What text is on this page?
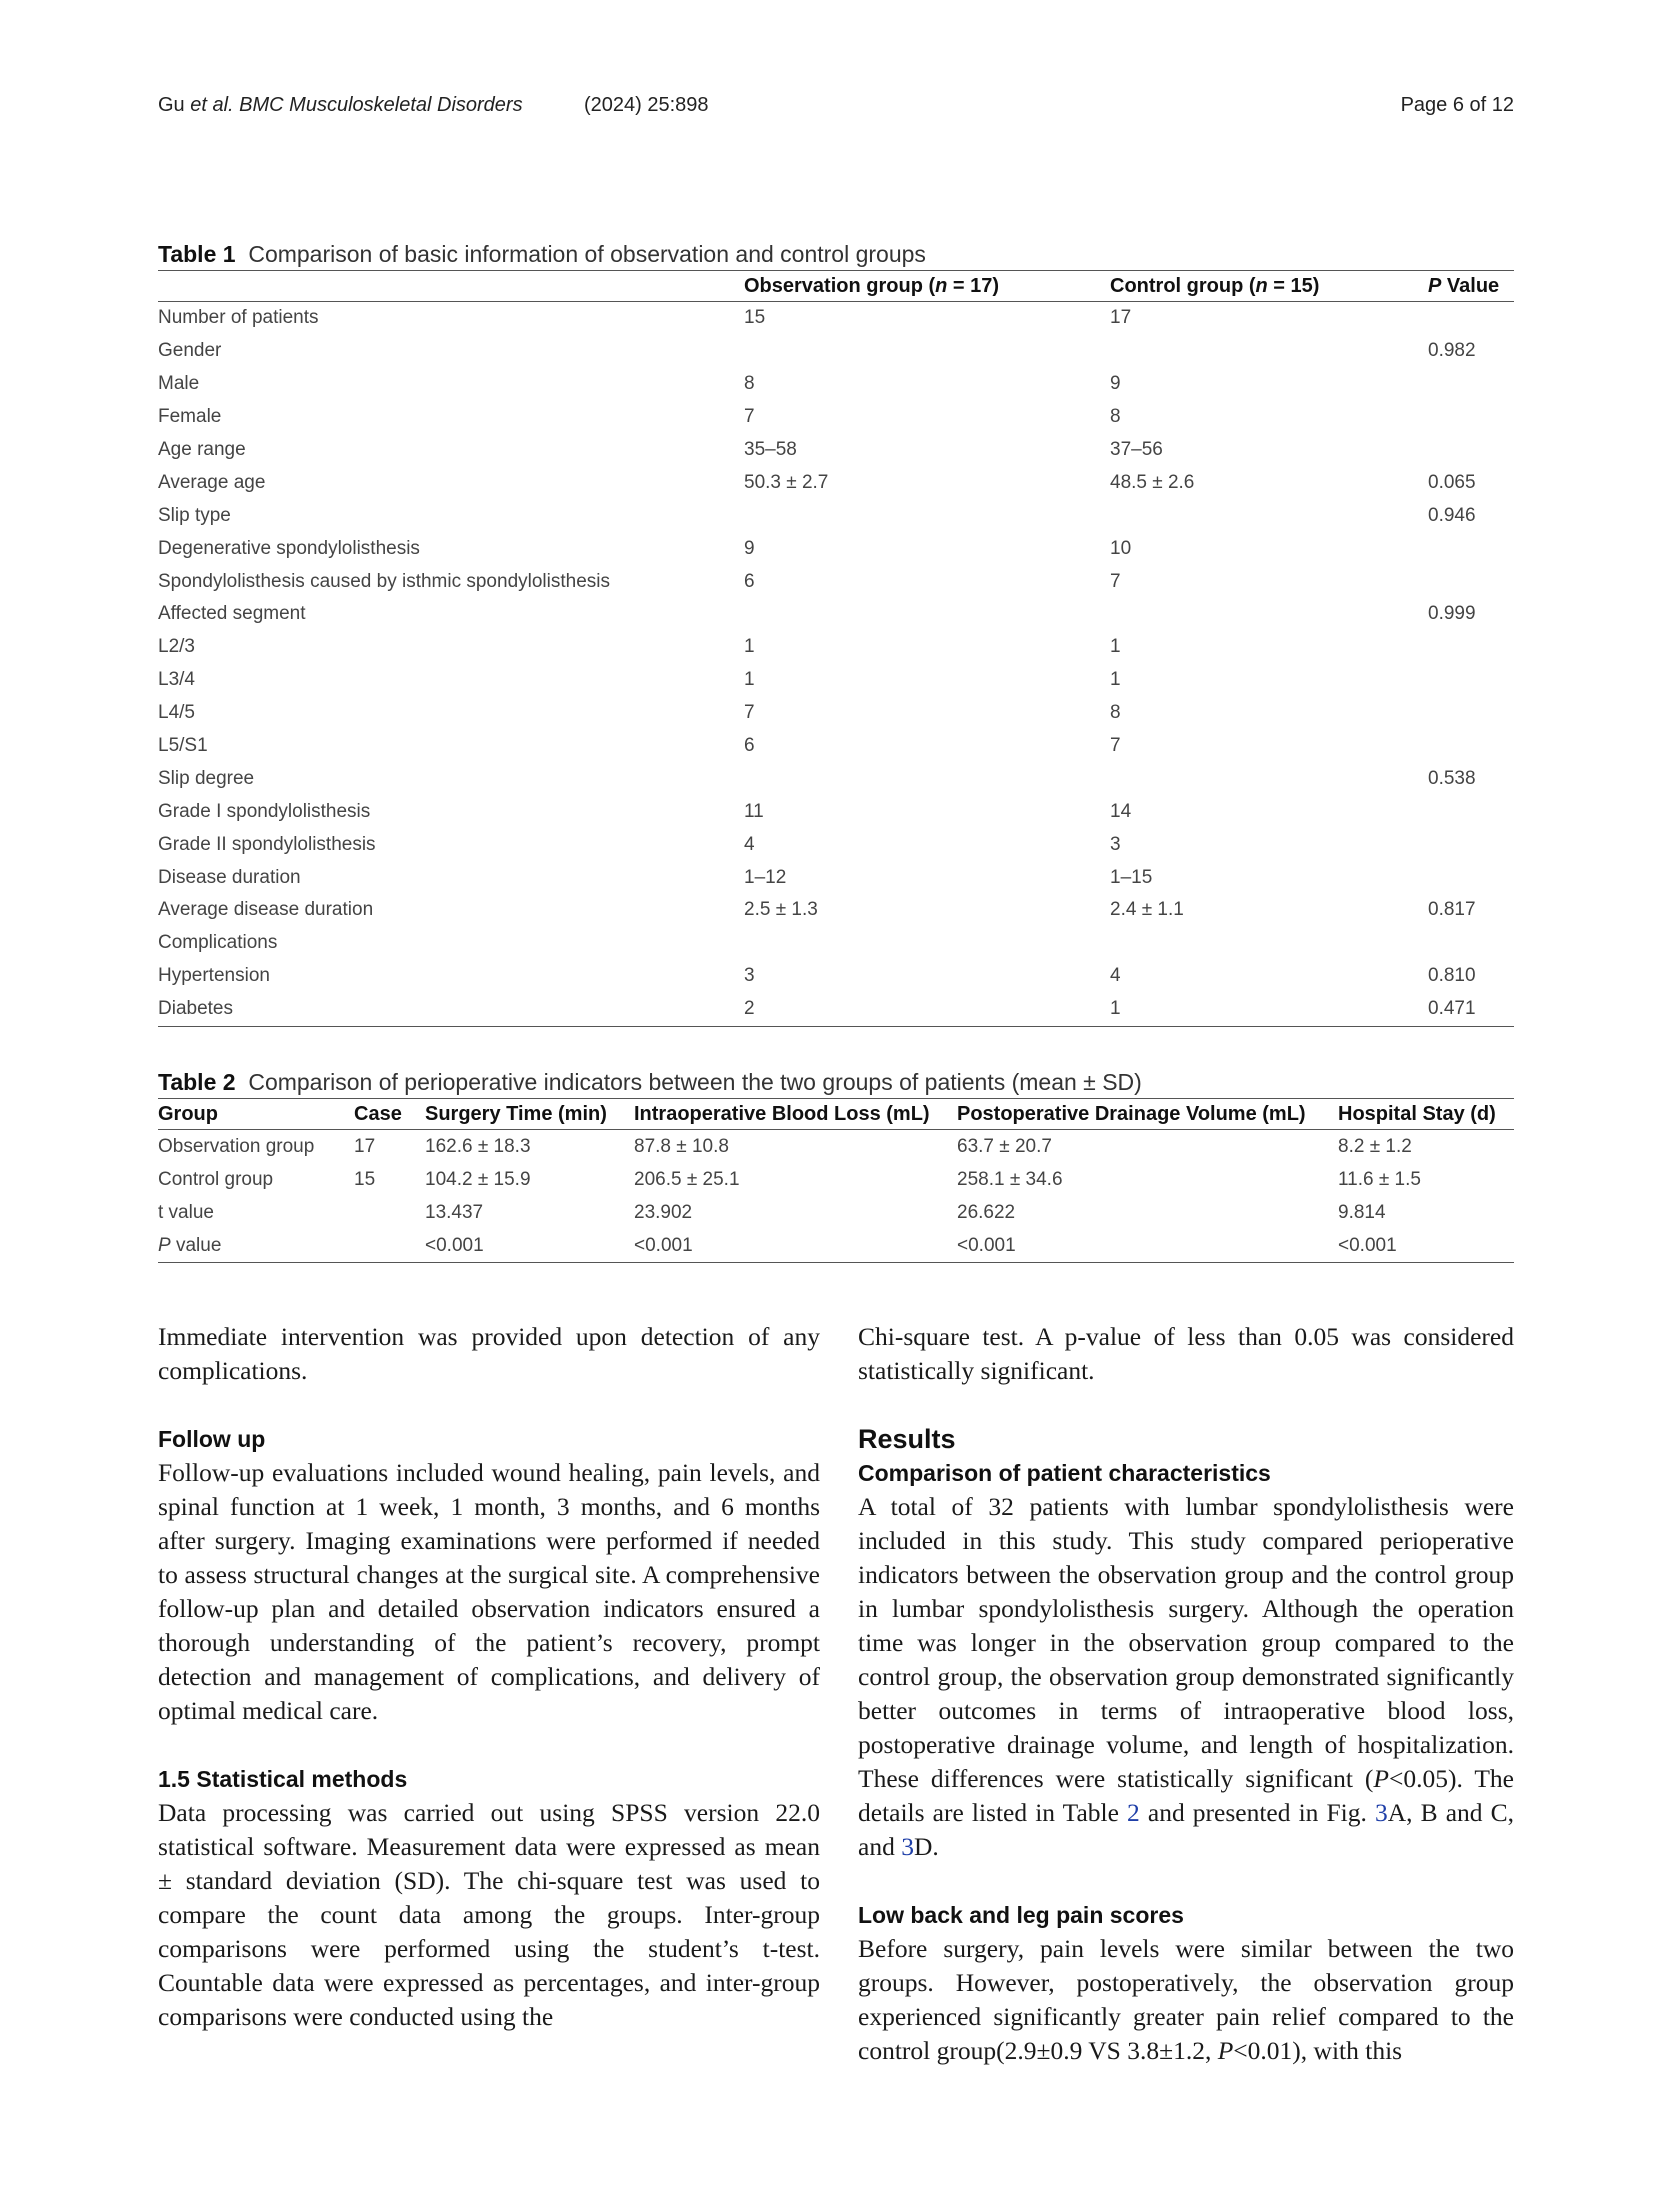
Gu et al. BMC Musculoskeletal Disorders	(2024) 25:898	Page 6 of 12
Table 1 Comparison of basic information of observation and control groups
	Observation group (n = 17)	Control group (n = 15)	P Value
Number of patients	15	17	
Gender			0.982
Male	8	9	
Female	7	8	
Age range	35–58	37–56	
Average age	50.3 ± 2.7	48.5 ± 2.6	0.065
Slip type			0.946
Degenerative spondylolisthesis	9	10	
Spondylolisthesis caused by isthmic spondylolisthesis	6	7	
Affected segment			0.999
L2/3	1	1	
L3/4	1	1	
L4/5	7	8	
L5/S1	6	7	
Slip degree			0.538
Grade I spondylolisthesis	11	14	
Grade II spondylolisthesis	4	3	
Disease duration	1–12	1–15	
Average disease duration	2.5 ± 1.3	2.4 ± 1.1	0.817
Complications			
Hypertension	3	4	0.810
Diabetes	2	1	0.471
Table 2 Comparison of perioperative indicators between the two groups of patients (mean ± SD)
Group	Case	Surgery Time (min)	Intraoperative Blood Loss (mL)	Postoperative Drainage Volume (mL)	Hospital Stay (d)
Observation group	17	162.6 ± 18.3	87.8 ± 10.8	63.7 ± 20.7	8.2 ± 1.2
Control group	15	104.2 ± 15.9	206.5 ± 25.1	258.1 ± 34.6	11.6 ± 1.5
t value		13.437	23.902	26.622	9.814
P value		<0.001	<0.001	<0.001	<0.001

Immediate intervention was provided upon detection of any complications.

Follow up

Follow-up evaluations included wound healing, pain levels, and spinal function at 1 week, 1 month, 3 months, and 6 months after surgery. Imaging examinations were performed if needed to assess structural changes at the surgical site. A comprehensive follow-up plan and detailed observation indicators ensured a thorough understanding of the patient’s recovery, prompt detection and management of complications, and delivery of optimal medical care.

1.5 Statistical methods

Data processing was carried out using SPSS version 22.0 statistical software. Measurement data were expressed as mean ± standard deviation (SD). The chi-square test was used to compare the count data among the groups. Inter-group comparisons were performed using the student’s t-test. Countable data were expressed as percentages, and inter-group comparisons were conducted using the

Chi-square test. A p-value of less than 0.05 was considered statistically significant.

Results
Comparison of patient characteristics

A total of 32 patients with lumbar spondylolisthesis were included in this study. This study compared perioperative indicators between the observation group and the control group in lumbar spondylolisthesis surgery. Although the operation time was longer in the observation group compared to the control group, the observation group demonstrated significantly better outcomes in terms of intraoperative blood loss, postoperative drainage volume, and length of hospitalization. These differences were statistically significant (P<0.05). The details are listed in Table 2 and presented in Fig. 3A, B and C, and 3D.

Low back and leg pain scores

Before surgery, pain levels were similar between the two groups. However, postoperatively, the observation group experienced significantly greater pain relief compared to the control group(2.9±0.9 VS 3.8±1.2, P<0.01), with this
